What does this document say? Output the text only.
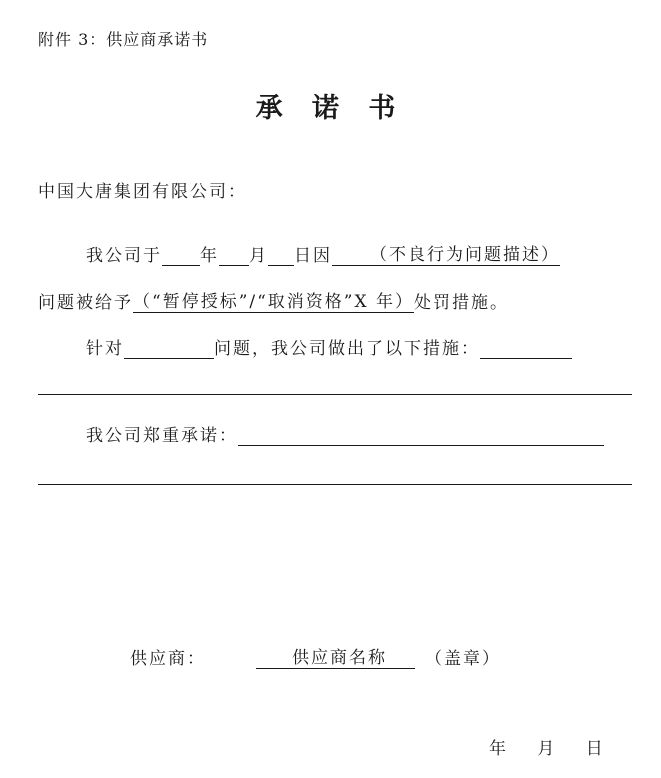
附件 3：供应商承诺书
承 诺 书
中国大唐集团有限公司：
我公司于 年 月 日因 （不良行为问题描述）
问题被给予 （“暂停授标”/“取消资格”X 年） 处罚措施。
针对	问题，我公司做出了以下措施：
我公司郑重承诺：
供应商：	供应商名称	（盖章）
年 月 日
